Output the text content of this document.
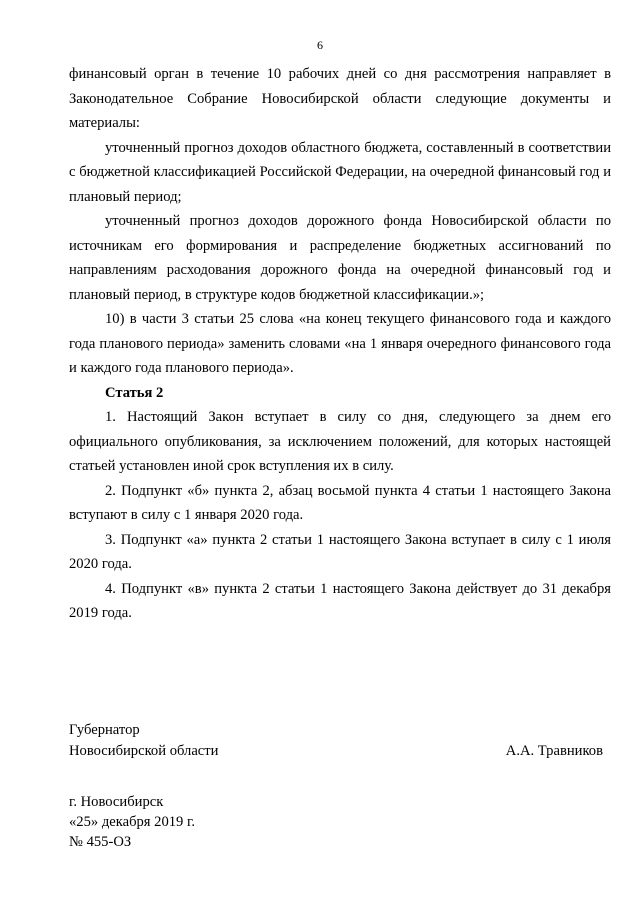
6

финансовый орган в течение 10 рабочих дней со дня рассмотрения направляет в Законодательное Собрание Новосибирской области следующие документы и материалы:

уточненный прогноз доходов областного бюджета, составленный в соответствии с бюджетной классификацией Российской Федерации, на очередной финансовый год и плановый период;

уточненный прогноз доходов дорожного фонда Новосибирской области по источникам его формирования и распределение бюджетных ассигнований по направлениям расходования дорожного фонда на очередной финансовый год и плановый период, в структуре кодов бюджетной классификации.»;

10) в части 3 статьи 25 слова «на конец текущего финансового года и каждого года планового периода» заменить словами «на 1 января очередного финансового года и каждого года планового периода».

Статья 2

1. Настоящий Закон вступает в силу со дня, следующего за днем его официального опубликования, за исключением положений, для которых настоящей статьей установлен иной срок вступления их в силу.

2. Подпункт «б» пункта 2, абзац восьмой пункта 4 статьи 1 настоящего Закона вступают в силу с 1 января 2020 года.

3. Подпункт «а» пункта 2 статьи 1 настоящего Закона вступает в силу с 1 июля 2020 года.

4. Подпункт «в» пункта 2 статьи 1 настоящего Закона действует до 31 декабря 2019 года.

Губернатор
Новосибирской области	А.А. Травников
г. Новосибирск
«25» декабря 2019 г.
№ 455-ОЗ
